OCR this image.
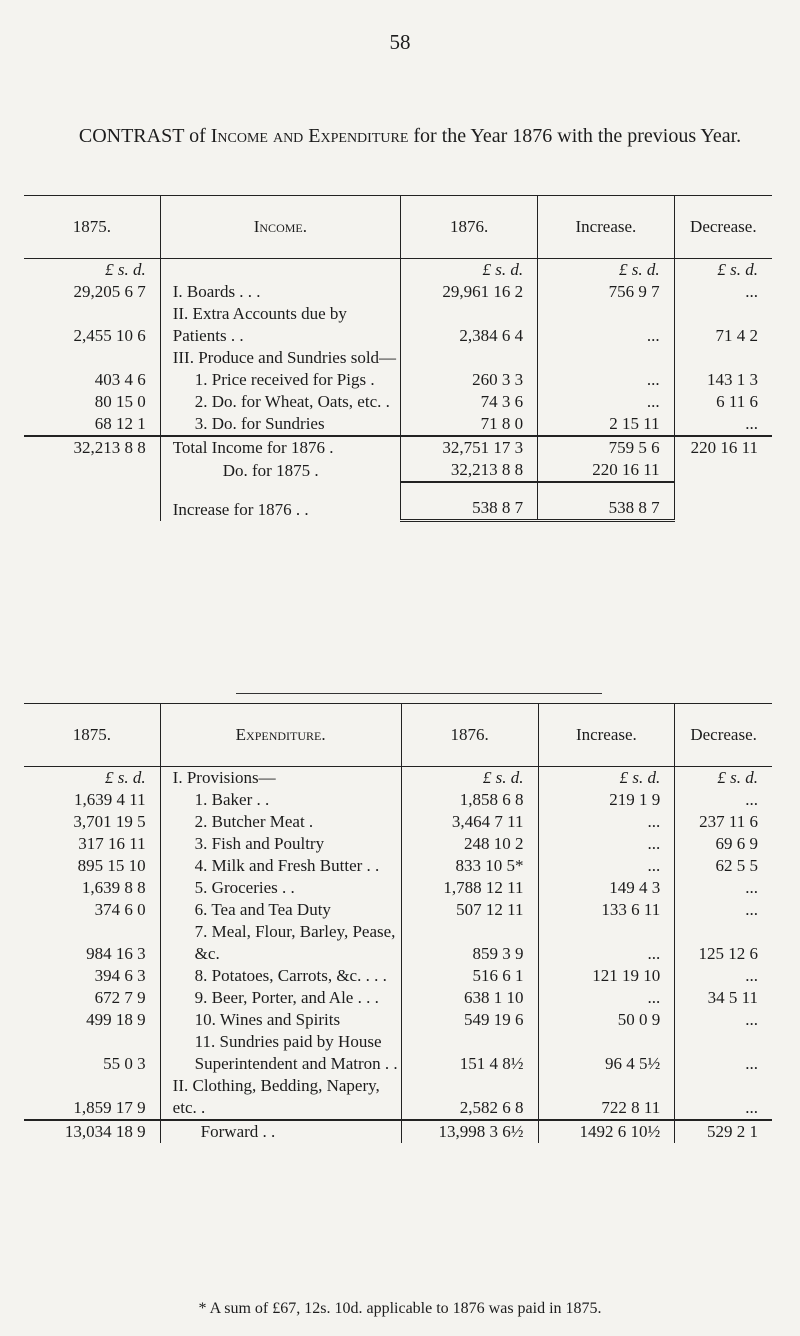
58
CONTRAST of Income and Expenditure for the Year 1876 with the previous Year.
1875.	Income.	1876.	Increase.	Decrease.
£ s. d.		£ s. d.	£ s. d.	£ s. d.
29,205 6 7	I. Boards . . .	29,961 16 2	756 9 7	...
2,455 10 6	II. Extra Accounts due by Patients . .	2,384 6 4	...	71 4 2
	III. Produce and Sundries sold—			
403 4 6	1. Price received for Pigs .	260 3 3	...	143 1 3
80 15 0	2. Do. for Wheat, Oats, etc. .	74 3 6	...	6 11 6
68 12 1	3. Do. for Sundries	71 8 0	2 15 11	...
32,213 8 8	Total Income for 1876 .	32,751 17 3	759 5 6	220 16 11
	Do. for 1875 .	32,213 8 8	220 16 11	
	Increase for 1876 . .	538 8 7	538 8 7	
1875.	Expenditure.	1876.	Increase.	Decrease.
£ s. d.	I. Provisions—	£ s. d.	£ s. d.	£ s. d.
1,639 4 11	1. Baker . .	1,858 6 8	219 1 9	...
3,701 19 5	2. Butcher Meat .	3,464 7 11	...	237 11 6
317 16 11	3. Fish and Poultry	248 10 2	...	69 6 9
895 15 10	4. Milk and Fresh Butter . .	833 10 5*	...	62 5 5
1,639 8 8	5. Groceries . .	1,788 12 11	149 4 3	...
374 6 0	6. Tea and Tea Duty	507 12 11	133 6 11	...
984 16 3	7. Meal, Flour, Barley, Pease, &c.	859 3 9	...	125 12 6
394 6 3	8. Potatoes, Carrots, &c. . . .	516 6 1	121 19 10	...
672 7 9	9. Beer, Porter, and Ale . . .	638 1 10	...	34 5 11
499 18 9	10. Wines and Spirits	549 19 6	50 0 9	...
55 0 3	11. Sundries paid by House Superintendent and Matron . .	151 4 8½	96 4 5½	...
1,859 17 9	II. Clothing, Bedding, Napery, etc. .	2,582 6 8	722 8 11	...
13,034 18 9	Forward . .	13,998 3 6½	1492 6 10½	529 2 1
* A sum of £67, 12s. 10d. applicable to 1876 was paid in 1875.
